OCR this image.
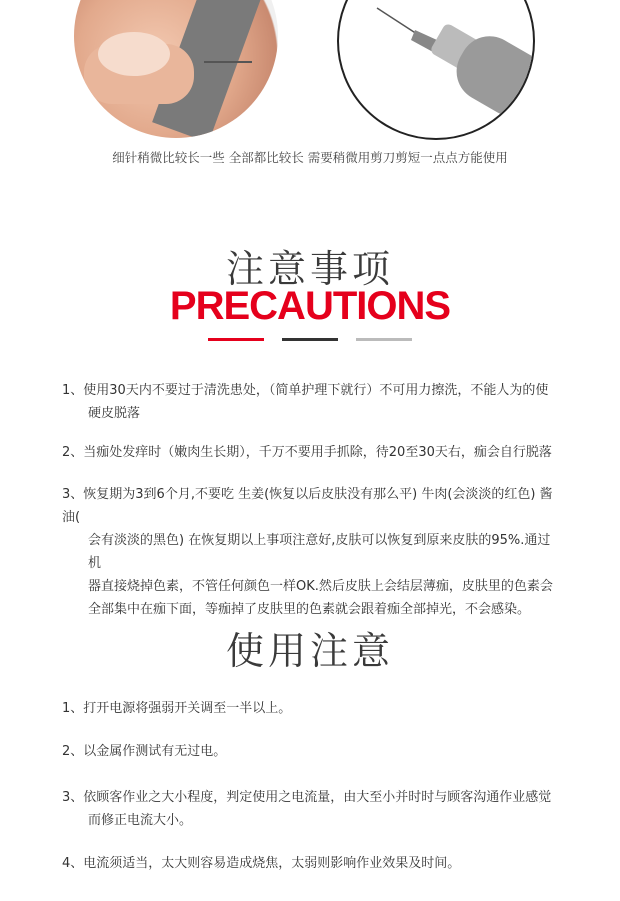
细针稍微比较长一些 全部都比较长 需要稍微用剪刀剪短一点点方能使用

注意事项
PRECAUTIONS
1、使用30天内不要过于清洗患处，（简单护理下就行）不可用力擦洗，不能人为的使
硬皮脱落
2、当痂处发痒时（嫩肉生长期），千万不要用手抓除，待20至30天右，痂会自行脱落
3、恢复期为3到6个月,不要吃 生姜(恢复以后皮肤没有那么平) 牛肉(会淡淡的红色) 酱油(
会有淡淡的黑色) 在恢复期以上事项注意好,皮肤可以恢复到原来皮肤的95%.通过机
器直接烧掉色素，不管任何颜色一样OK.然后皮肤上会结层薄痂，皮肤里的色素会
全部集中在痂下面，等痂掉了皮肤里的色素就会跟着痂全部掉光，不会感染。
使用注意
1、打开电源将强弱开关调至一半以上。
2、以金属作测试有无过电。
3、依顾客作业之大小程度，判定使用之电流量，由大至小并时时与顾客沟通作业感觉
而修正电流大小。
4、电流须适当，太大则容易造成烧焦，太弱则影响作业效果及时间。
